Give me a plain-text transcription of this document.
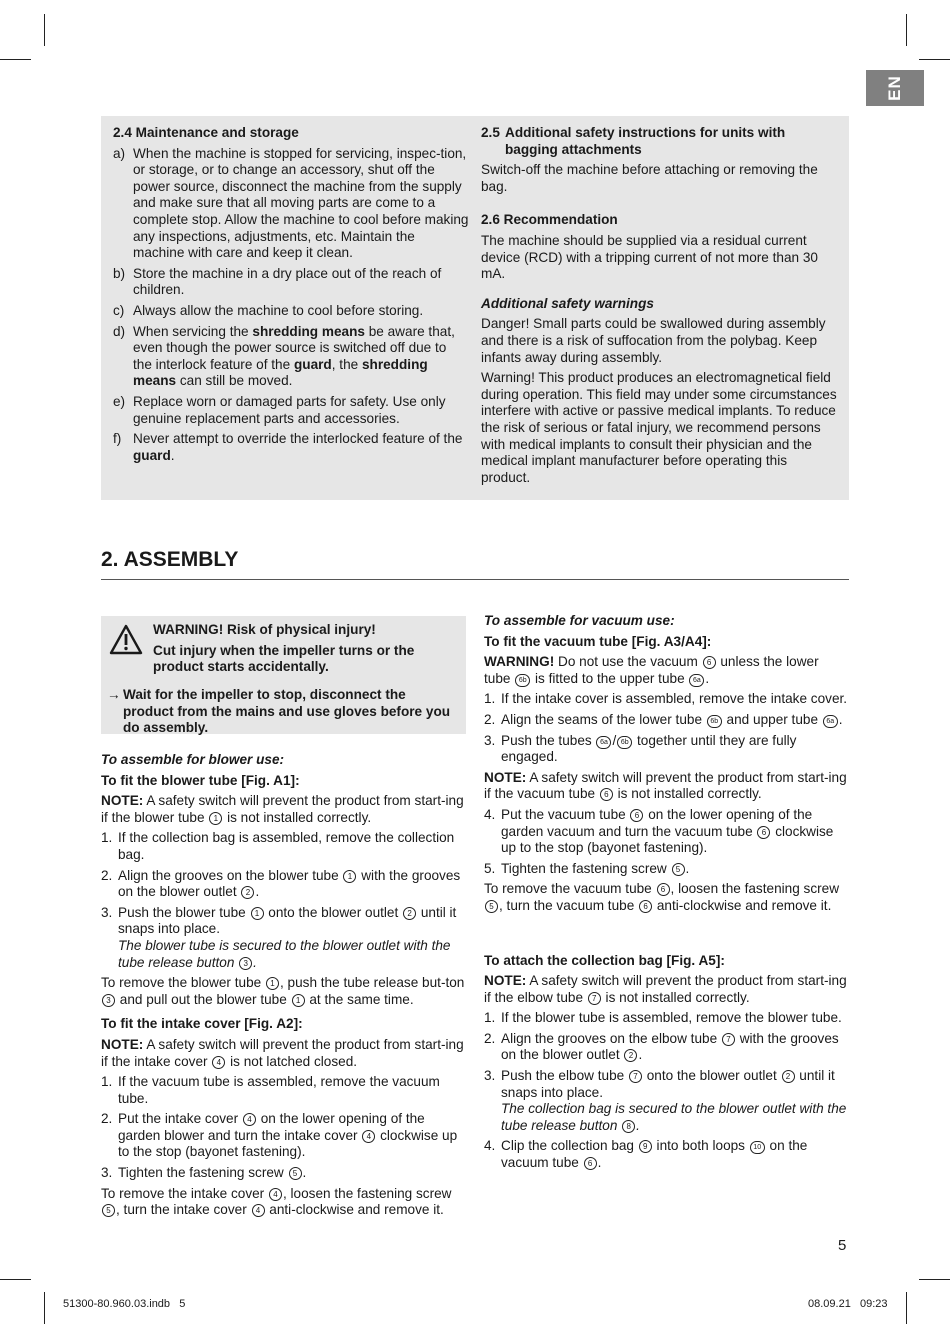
EN
2.4 Maintenance and storage
a) When the machine is stopped for servicing, inspec-tion, or storage, or to change an accessory, shut off the power source, disconnect the machine from the supply and make sure that all moving parts are come to a complete stop. Allow the machine to cool before making any inspections, adjustments, etc. Maintain the machine with care and keep it clean.
b) Store the machine in a dry place out of the reach of children.
c) Always allow the machine to cool before storing.
d) When servicing the shredding means be aware that, even though the power source is switched off due to the interlock feature of the guard, the shredding means can still be moved.
e) Replace worn or damaged parts for safety. Use only genuine replacement parts and accessories.
f) Never attempt to override the interlocked feature of the guard.
2.5 Additional safety instructions for units with bagging attachments
Switch-off the machine before attaching or removing the bag.
2.6 Recommendation
The machine should be supplied via a residual current device (RCD) with a tripping current of not more than 30 mA.
Additional safety warnings
Danger! Small parts could be swallowed during assembly and there is a risk of suffocation from the polybag. Keep infants away during assembly.
Warning! This product produces an electromagnetical field during operation. This field may under some circumstances interfere with active or passive medical implants. To reduce the risk of serious or fatal injury, we recommend persons with medical implants to consult their physician and the medical implant manufacturer before operating this product.
2. ASSEMBLY
WARNING! Risk of physical injury!
Cut injury when the impeller turns or the product starts accidentally.
→ Wait for the impeller to stop, disconnect the product from the mains and use gloves before you do assembly.
To assemble for blower use:
To fit the blower tube [Fig. A1]:
NOTE: A safety switch will prevent the product from start-ing if the blower tube 1 is not installed correctly.
1. If the collection bag is assembled, remove the collection bag.
2. Align the grooves on the blower tube 1 with the grooves on the blower outlet 2 .
3. Push the blower tube 1 onto the blower outlet 2 until it snaps into place.
The blower tube is secured to the blower outlet with the tube release button 3 .
To remove the blower tube 1 , push the tube release but-ton 3 and pull out the blower tube 1 at the same time.
To fit the intake cover [Fig. A2]:
NOTE: A safety switch will prevent the product from start-ing if the intake cover 4 is not latched closed.
1. If the vacuum tube is assembled, remove the vacuum tube.
2. Put the intake cover 4 on the lower opening of the garden blower and turn the intake cover 4 clockwise up to the stop (bayonet fastening).
3. Tighten the fastening screw 5 .
To remove the intake cover 4 , loosen the fastening screw 5 , turn the intake cover 4 anti-clockwise and remove it.
To assemble for vacuum use:
To fit the vacuum tube [Fig. A3/A4]:
WARNING! Do not use the vacuum 6 unless the lower tube 6b is fitted to the upper tube 6a .
1. If the intake cover is assembled, remove the intake cover.
2. Align the seams of the lower tube 6b and upper tube 6a .
3. Push the tubes 6a / 6b together until they are fully engaged.
NOTE: A safety switch will prevent the product from start-ing if the vacuum tube 6 is not installed correctly.
4. Put the vacuum tube 6 on the lower opening of the garden vacuum and turn the vacuum tube 6 clockwise up to the stop (bayonet fastening).
5. Tighten the fastening screw 5 .
To remove the vacuum tube 6 , loosen the fastening screw 5 , turn the vacuum tube 6 anti-clockwise and remove it.
To attach the collection bag [Fig. A5]:
NOTE: A safety switch will prevent the product from start-ing if the elbow tube 7 is not installed correctly.
1. If the blower tube is assembled, remove the blower tube.
2. Align the grooves on the elbow tube 7 with the grooves on the blower outlet 2 .
3. Push the elbow tube 7 onto the blower outlet 2 until it snaps into place.
The collection bag is secured to the blower outlet with the tube release button 8 .
4. Clip the collection bag 9 into both loops 10 on the vacuum tube 6 .
5
51300-80.960.03.indb   5	08.09.21   09:23
